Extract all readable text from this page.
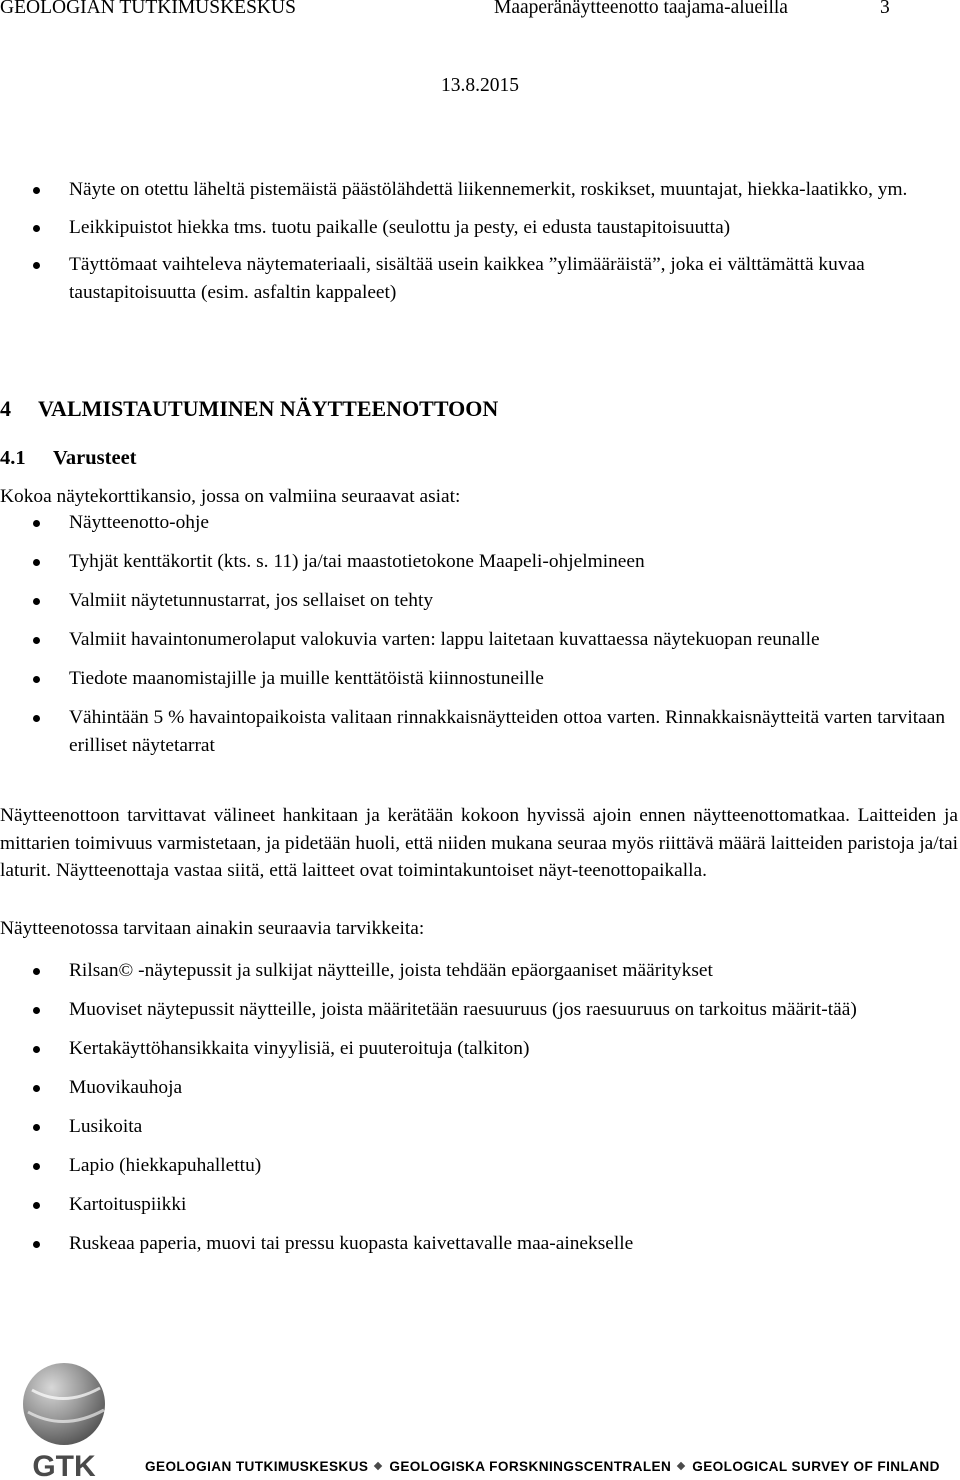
GEOLOGIAN TUTKIMUSKESKUS	Maaperänäytteenotto taajama-alueilla	3
13.8.2015
Näyte on otettu läheltä pistemäistä päästölähdettä liikennemerkit, roskikset, muuntajat, hiekka-laatikko, ym.
Leikkipuistot hiekka tms. tuotu paikalle (seulottu ja pesty, ei edusta taustapitoisuutta)
Täyttömaat vaihteleva näytemateriaali, sisältää usein kaikkea ”ylimääräistä”, joka ei välttämättä kuvaa taustapitoisuutta (esim. asfaltin kappaleet)
4 VALMISTAUTUMINEN NÄYTTEENOTTOON
4.1 Varusteet
Kokoa näytekorttikansio, jossa on valmiina seuraavat asiat:
Näytteenotto-ohje
Tyhjät kenttäkortit (kts. s. 11) ja/tai maastotietokone Maapeli-ohjelmineen
Valmiit näytetunnustarrat, jos sellaiset on tehty
Valmiit havaintonumerolaput valokuvia varten: lappu laitetaan kuvattaessa näytekuopan reunalle
Tiedote maanomistajille ja muille kenttätöistä kiinnostuneille
Vähintään 5 % havaintopaikoista valitaan rinnakkaisnäytteiden ottoa varten. Rinnakkaisnäytteitä varten tarvitaan erilliset näytetarrat
Näytteenottoon tarvittavat välineet hankitaan ja kerätään kokoon hyvissä ajoin ennen näytteenottomatkaa. Laitteiden ja mittarien toimivuus varmistetaan, ja pidetään huoli, että niiden mukana seuraa myös riittävä määrä laitteiden paristoja ja/tai laturit. Näytteenottaja vastaa siitä, että laitteet ovat toimintakuntoiset näyt-teenottopaikalla.
Näytteenotossa tarvitaan ainakin seuraavia tarvikkeita:
Rilsan© -näytepussit ja sulkijat näytteille, joista tehdään epäorgaaniset määritykset
Muoviset näytepussit näytteille, joista määritetään raesuuruus (jos raesuuruus on tarkoitus määrit-tää)
Kertakäyttöhansikkaita vinyylisiä, ei puuteroituja (talkiton)
Muovikauhoja
Lusikoita
Lapio (hiekkapuhallettu)
Kartoituspiikki
Ruskeaa paperia, muovi tai pressu kuopasta kaivettavalle maa-ainekselle
GTK	GEOLOGIAN TUTKIMUSKESKUS GEOLOGISKA FORSKNINGSCENTRALEN GEOLOGICAL SURVEY OF FINLAND
